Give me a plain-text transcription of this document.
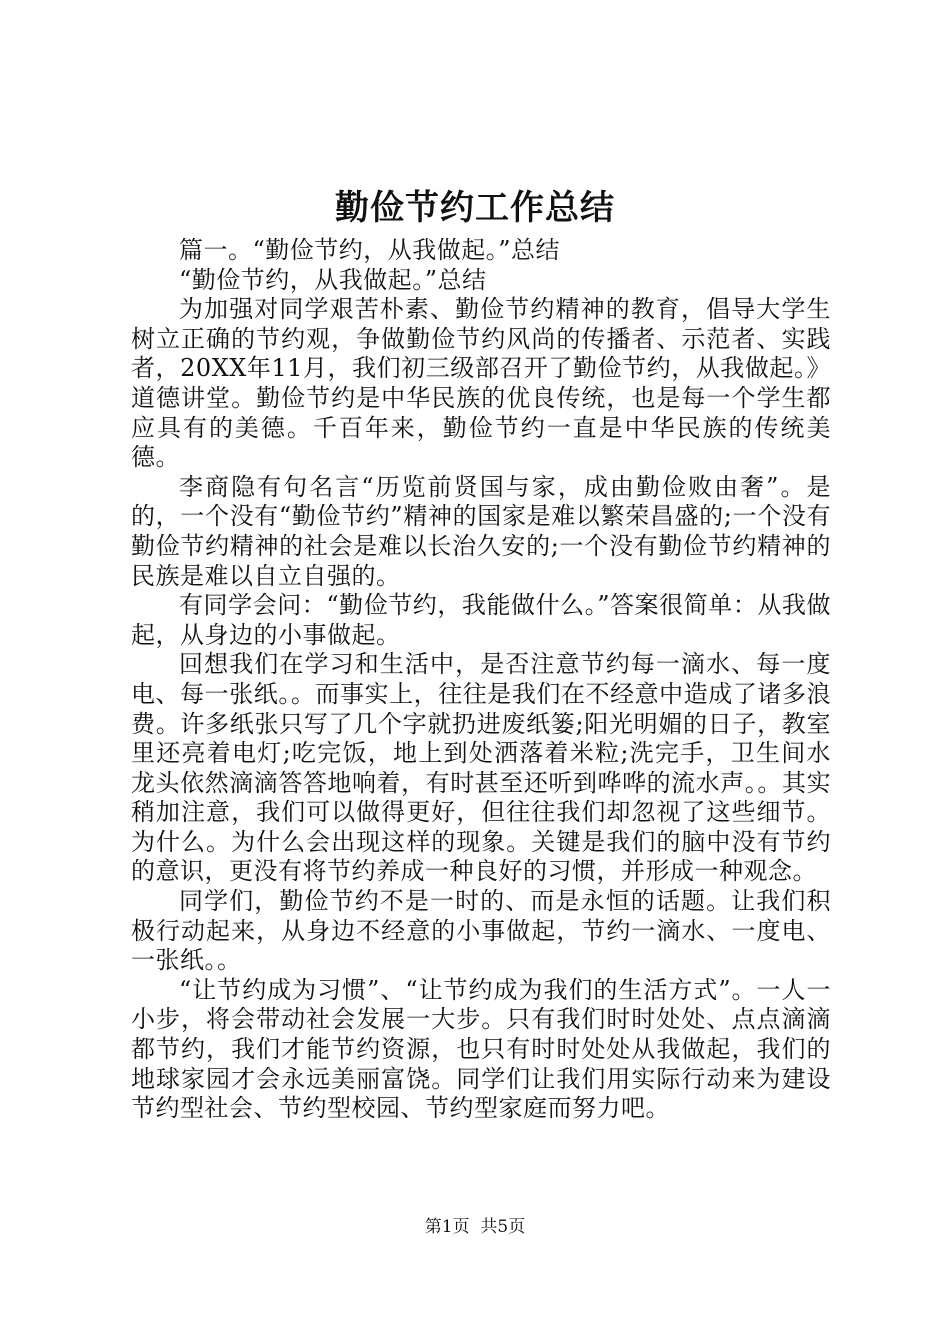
勤俭节约工作总结

篇一。“勤俭节约，从我做起。”总结

“勤俭节约，从我做起。”总结

为加强对同学艰苦朴素、勤俭节约精神的教育，倡导大学生树立正确的节约观，争做勤俭节约风尚的传播者、示范者、实践者，20XX年11月，我们初三级部召开了勤俭节约，从我做起。》道德讲堂。勤俭节约是中华民族的优良传统，也是每一个学生都应具有的美德。千百年来，勤俭节约一直是中华民族的传统美德。

李商隐有句名言“历览前贤国与家，成由勤俭败由奢”。是的，一个没有“勤俭节约”精神的国家是难以繁荣昌盛的;一个没有勤俭节约精神的社会是难以长治久安的;一个没有勤俭节约精神的民族是难以自立自强的。

有同学会问：“勤俭节约，我能做什么。”答案很简单：从我做起，从身边的小事做起。

回想我们在学习和生活中，是否注意节约每一滴水、每一度电、每一张纸。。而事实上，往往是我们在不经意中造成了诸多浪费。许多纸张只写了几个字就扔进废纸篓;阳光明媚的日子，教室里还亮着电灯;吃完饭，地上到处洒落着米粒;洗完手，卫生间水龙头依然滴滴答答地响着，有时甚至还听到哗哗的流水声。。其实稍加注意，我们可以做得更好，但往往我们却忽视了这些细节。为什么。为什么会出现这样的现象。关键是我们的脑中没有节约的意识，更没有将节约养成一种良好的习惯，并形成一种观念。

同学们，勤俭节约不是一时的、而是永恒的话题。让我们积极行动起来，从身边不经意的小事做起，节约一滴水、一度电、一张纸。。

“让节约成为习惯”、“让节约成为我们的生活方式”。一人一小步，将会带动社会发展一大步。只有我们时时处处、点点滴滴都节约，我们才能节约资源，也只有时时处处从我做起，我们的地球家园才会永远美丽富饶。同学们让我们用实际行动来为建设节约型社会、节约型校园、节约型家庭而努力吧。

第1页 共5页
